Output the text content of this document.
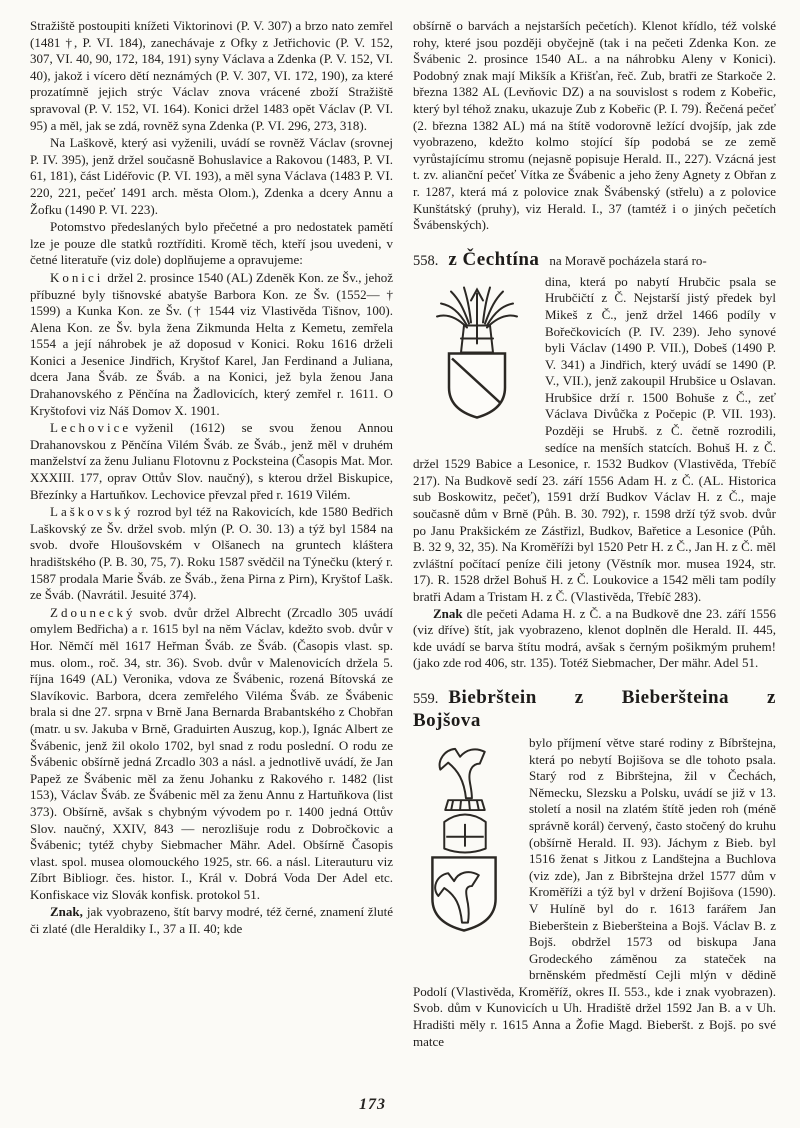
Stražiště postoupiti knížeti Viktorinovi (P. V. 307) a brzo nato zemřel (1481 †, P. VI. 184), zanechávaje z Ofky z Jetřichovic (P. V. 152, 307, VI. 40, 90, 172, 184, 191) syny Václava a Zdenka (P. V. 152, VI. 40), jakož i vícero dětí neznámých (P. V. 307, VI. 172, 190), za které prozatímně jejich strýc Václav znova vrácené zboží Stražiště spravoval (P. V. 152, VI. 164). Konici držel 1483 opět Václav (P. VI. 95) a měl, jak se zdá, rovněž syna Zdenka (P. VI. 296, 273, 318).

Na Laškově, který asi vyženili, uvádí se rovněž Václav (srovnej P. IV. 395), jenž držel současně Bohuslavice a Rakovou (1483, P. VI. 61, 181), část Lidéřovic (P. VI. 193), a měl syna Václava (1483 P. VI. 220, 221, pečeť 1491 arch. města Olom.), Zdenka a dcery Annu a Žofku (1490 P. VI. 223).

Potomstvo předeslaných bylo přečetné a pro nedostatek pamětí lze je pouze dle statků roztříditi. Kromě těch, kteří jsou uvedeni, v četné literatuře (viz dole) doplňujeme a opravujeme:

Konici držel 2. prosince 1540 (AL) Zdeněk Kon. ze Šv., jehož příbuzné byly tišnovské abatyše Barbora Kon. ze Šv. (1552— † 1599) a Kunka Kon. ze Šv. († 1544 viz Vlastivěda Tišnov, 100). Alena Kon. ze Šv. byla žena Zikmunda Helta z Kemetu, zemřela 1554 a její náhrobek je až doposud v Konici. Roku 1616 drželi Konici a Jesenice Jindřich, Kryštof Karel, Jan Ferdinand a Juliana, dcera Jana Šváb. ze Šváb. a na Konici, jež byla ženou Jana Drahanovského z Pěnčína na Žadlovicích, který zemřel r. 1611. O Kryštofovi viz Náš Domov X. 1901.

Lechovice vyženil (1612) se svou ženou Annou Drahanovskou z Pěnčína Vilém Šváb. ze Šváb., jenž měl v druhém manželství za ženu Julianu Flotovnu z Pocksteina (Časopis Mat. Mor. XXXIII. 177, oprav Ottův Slov. naučný), s kterou držel Biskupice, Březínky a Hartuňkov. Lechovice převzal před r. 1619 Vilém.

Laškovský rozrod byl též na Rakovicích, kde 1580 Bedřich Laškovský ze Šv. držel svob. mlýn (P. O. 30. 13) a týž byl 1584 na svob. dvoře Hloušovském v Olšanech na gruntech kláštera hradištského (P. B. 30, 75, 7). Roku 1587 svědčil na Týnečku (který r. 1587 prodala Marie Šváb. ze Šváb., žena Pirna z Pirn), Kryštof Lašk. ze Šváb. (Navrátil. Jesuité 374).

Zdounecký svob. dvůr držel Albrecht (Zrcadlo 305 uvádí omylem Bedřicha) a r. 1615 byl na něm Václav, kdežto svob. dvůr v Hor. Němčí měl 1617 Heřman Šváb. ze Šváb. (Časopis vlast. sp. mus. olom., roč. 34, str. 36). Svob. dvůr v Malenovicích držela 5. října 1649 (AL) Veronika, vdova ze Švábenic, rozená Bítovská ze Slavíkovic. Barbora, dcera zemřelého Viléma Šváb. ze Švábenic brala si dne 27. srpna v Brně Jana Bernarda Brabantského z Chobřan (matr. u sv. Jakuba v Brně, Graduirten Auszug, kop.), Ignác Albert ze Švábenic, jenž žil okolo 1702, byl snad z rodu poslední. O rodu ze Švábenic obšírně jedná Zrcadlo 303 a násl. a jednotlivě uvádí, že Jan Papež ze Švábenic měl za ženu Johanku z Rakového r. 1482 (list 153), Václav Šváb. ze Švábenic měl za ženu Annu z Hartuňkova (list 373). Obšírně, avšak s chybným vývodem po r. 1400 jedná Ottův Slov. naučný, XXIV, 843 — nerozlišuje rodu z Dobročkovic a Švábenic; tytéž chyby Siebmacher Mähr. Adel. Obšírně Časopis vlast. spol. musea olomouckého 1925, str. 66. a násl. Literauturu viz Zíbrt Bibliogr. čes. histor. I., Král v. Dobrá Voda Der Adel etc. Konfiskace viz Slovák konfisk. protokol 51.

Znak, jak vyobrazeno, štít barvy modré, též černé, znamení žluté či zlaté (dle Heraldiky I., 37 a II. 40; kde

obšírně o barvách a nejstarších pečetích). Klenot křídlo, též volské rohy, které jsou později obyčejně (tak i na pečeti Zdenka Kon. ze Švábenic 2. prosince 1540 AL. a na náhrobku Aleny v Konici). Podobný znak mají Mikšík a Křišťan, řeč. Zub, bratři ze Starkoče 2. března 1382 AL (Levňovic DZ) a na souvislost s rodem z Kobeřic, který byl téhož znaku, ukazuje Zub z Kobeřic (P. I. 79). Řečená pečeť (2. března 1382 AL) má na štítě vodorovně ležící dvojšíp, jak zde vyobrazeno, kdežto kolmo stojící šíp podobá se ze země vyrůstajícímu stromu (nejasně popisuje Herald. II., 227). Vzácná jest t. zv. alianční pečeť Vítka ze Švábenic a jeho ženy Agnety z Obřan z r. 1287, která má z polovice znak Švábenský (střelu) a z polovice Kunštátský (pruhy), viz Herald. I., 37 (tamtéž i o jiných pečetích Švábenských).

558. z Čechtína na Moravě pocházela stará ro-
dina, která po nabytí Hrubčic psala se Hrubčičtí z Č. Nejstarší jistý předek byl Mikeš z Č., jenž držel 1466 podíly v Bořečkovicích (P. IV. 239). Jeho synové byli Václav (1490 P. VII.), Dobeš (1490 P. V. 341) a Jindřich, který uvádí se 1490 (P. V., VII.), jenž zakoupil Hrubšice u Oslavan. Hrubšice drží r. 1500 Bohuše z Č., zeť Václava Divůčka z Počepic (P. VII. 193). Později se Hrubš. z Č. četně rozrodili, sedíce na menších statcích. Bohuš H. z Č. držel 1529 Babice a Lesonice, r. 1532 Budkov (Vlastivěda, Třebíč 217). Na Budkově sedí 23. září 1556 Adam H. z Č. (AL. Historica sub Boskowitz, pečeť), 1591 drží Budkov Václav H. z Č., maje současně dům v Brně (Půh. B. 30. 792), r. 1598 drží týž svob. dvůr po Janu Prakšickém ze Zástřizl, Budkov, Bařetice a Lesonice (Půh. B. 32 9, 32, 35). Na Kroměříži byl 1520 Petr H. z Č., Jan H. z Č. měl zvláštní počítací peníze čili jetony (Věstník mor. musea 1924, str. 17). R. 1528 držel Bohuš H. z Č. Loukovice a 1542 měli tam podíly bratři Adam a Tristam H. z Č. (Vlastivěda, Třebíč 283).

Znak dle pečeti Adama H. z Č. a na Budkově dne 23. září 1556 (viz dříve) štít, jak vyobrazeno, klenot doplněn dle Herald. II. 445, kde uvádí se barva štítu modrá, avšak s černým pošikmým pruhem! (jako zde rod 406, str. 135). Totéž Siebmacher, Der mähr. Adel 51.

559. Biebrštein z Bieberšteina z Bojšova
bylo příjmení větve staré rodiny z Bíbrštejna, která po nebytí Bojišova se dle tohoto psala. Starý rod z Bibrštejna, žil v Čechách, Německu, Slezsku a Polsku, uvádí se již v 13. století a nosil na zlatém štítě jeden roh (méně správně korál) červený, často stočený do kruhu (obšírně Herald. II. 93). Jáchym z Bieb. byl 1516 ženat s Jitkou z Landštejna a Buchlova (viz zde), Jan z Bibrštejna držel 1577 dům v Kroměříži a týž byl v držení Bojišova (1590). V Hulíně byl do r. 1613 farářem Jan Bieberštein z Bieberšteina a Bojš. Václav B. z Bojš. obdržel 1573 od biskupa Jana Grodeckého záměnou za stateček na brněnském předměstí Cejli mlýn v dědině Podolí (Vlastivěda, Kroměříž, okres II. 553., kde i znak vyobrazen). Svob. dům v Kunovicích u Uh. Hradiště držel 1592 Jan B. a v Uh. Hradišti měly r. 1615 Anna a Žofie Magd. Bieberšt. z Bojš. po své matce
173
